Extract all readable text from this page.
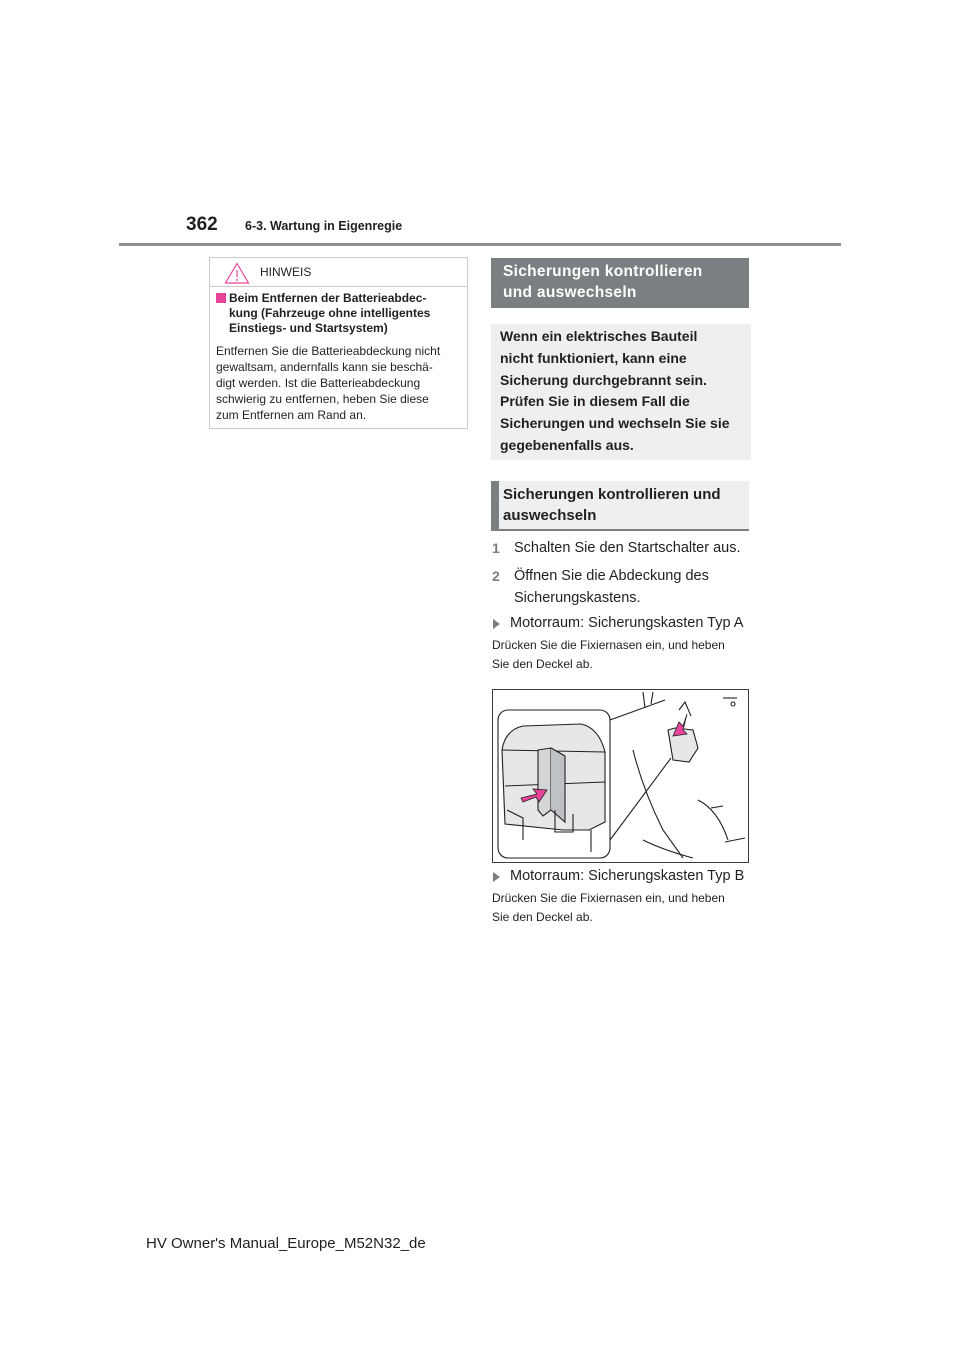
362 6-3. Wartung in Eigenregie
HINWEIS
Beim Entfernen der Batterieabdec-
kung (Fahrzeuge ohne intelligentes
Einstiegs- und Startsystem)
Entfernen Sie die Batterieabdeckung nicht
gewaltsam, andernfalls kann sie beschä-
digt werden. Ist die Batterieabdeckung
schwierig zu entfernen, heben Sie diese
zum Entfernen am Rand an.
Sicherungen kontrollieren
und auswechseln
Wenn ein elektrisches Bauteil
nicht funktioniert, kann eine
Sicherung durchgebrannt sein.
Prüfen Sie in diesem Fall die
Sicherungen und wechseln Sie sie
gegebenenfalls aus.
Sicherungen kontrollieren und
auswechseln
1 Schalten Sie den Startschalter aus.
2 Öffnen Sie die Abdeckung des
Sicherungskastens.
Motorraum: Sicherungskasten Typ A
Drücken Sie die Fixiernasen ein, und heben
Sie den Deckel ab.
Motorraum: Sicherungskasten Typ B
Drücken Sie die Fixiernasen ein, und heben
Sie den Deckel ab.
HV Owner's Manual_Europe_M52N32_de
